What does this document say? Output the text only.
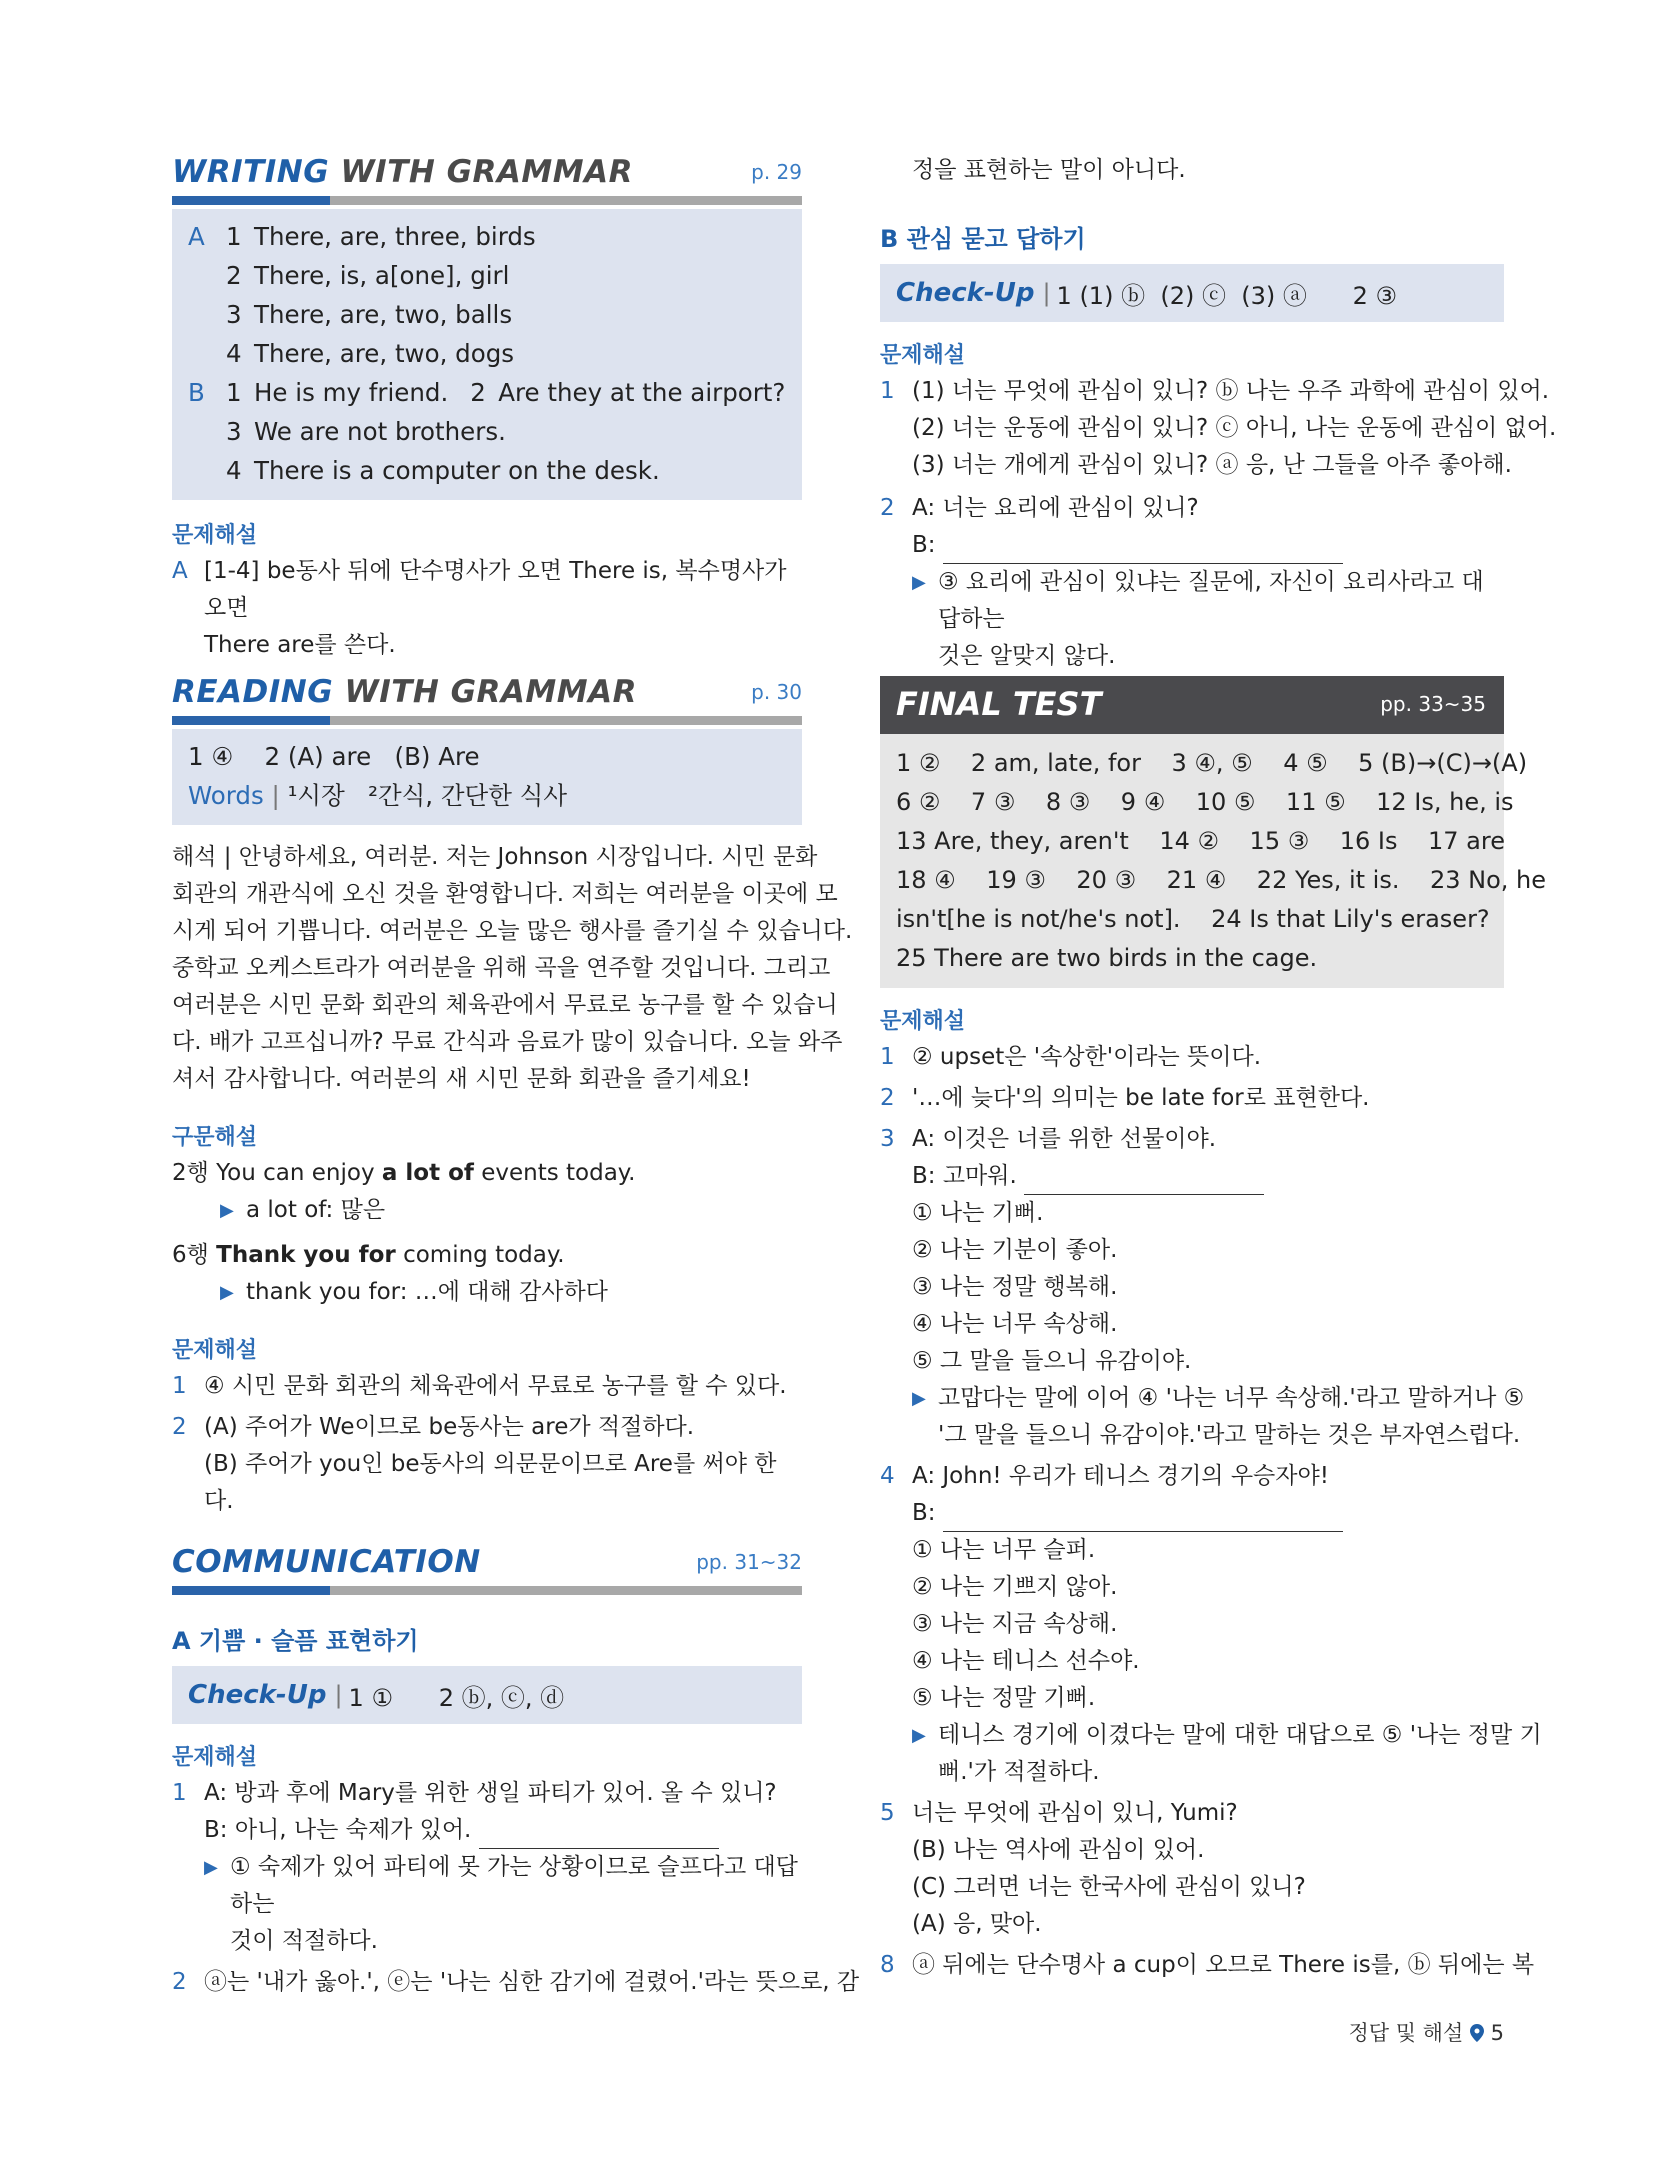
WRITING WITH GRAMMAR	p. 29
A 1 There, are, three, birds
2 There, is, a[one], girl
3 There, are, two, balls
4 There, are, two, dogs
B 1 He is my friend. 2 Are they at the airport?
3 We are not brothers.
4 There is a computer on the desk.
문제해설
A [1-4] be동사 뒤에 단수명사가 오면 There is, 복수명사가 오면
There are를 쓴다.
READING WITH GRAMMAR	p. 30
1 ④    2 (A) are   (B) Are
Words | ¹시장   ²간식, 간단한 식사
해석 | 안녕하세요, 여러분. 저는 Johnson 시장입니다. 시민 문화
회관의 개관식에 오신 것을 환영합니다. 저희는 여러분을 이곳에 모
시게 되어 기쁩니다. 여러분은 오늘 많은 행사를 즐기실 수 있습니다.
중학교 오케스트라가 여러분을 위해 곡을 연주할 것입니다. 그리고
여러분은 시민 문화 회관의 체육관에서 무료로 농구를 할 수 있습니
다. 배가 고프십니까? 무료 간식과 음료가 많이 있습니다. 오늘 와주
셔서 감사합니다. 여러분의 새 시민 문화 회관을 즐기세요!
구문해설
2행 You can enjoy a lot of events today.
▶ a lot of: 많은
6행 Thank you for coming today.
▶ thank you for: …에 대해 감사하다
문제해설
1 ④ 시민 문화 회관의 체육관에서 무료로 농구를 할 수 있다.
2 (A) 주어가 We이므로 be동사는 are가 적절하다.
(B) 주어가 you인 be동사의 의문문이므로 Are를 써야 한다.
COMMUNICATION	pp. 31~32
A 기쁨 · 슬픔 표현하기
Check-Up | 1 ①      2 ⓑ, ⓒ, ⓓ
문제해설
1 A: 방과 후에 Mary를 위한 생일 파티가 있어. 올 수 있니?
B: 아니, 나는 숙제가 있어.
▶ ① 숙제가 있어 파티에 못 가는 상황이므로 슬프다고 대답하는
것이 적절하다.
2 ⓐ는 '내가 옳아.', ⓔ는 '나는 심한 감기에 걸렸어.'라는 뜻으로, 감
정을 표현하는 말이 아니다.
B 관심 묻고 답하기
Check-Up | 1 (1) ⓑ  (2) ⓒ  (3) ⓐ      2 ③
문제해설
1 (1) 너는 무엇에 관심이 있니? ⓑ 나는 우주 과학에 관심이 있어.
(2) 너는 운동에 관심이 있니? ⓒ 아니, 나는 운동에 관심이 없어.
(3) 너는 개에게 관심이 있니? ⓐ 응, 난 그들을 아주 좋아해.
2 A: 너는 요리에 관심이 있니?
B:
▶ ③ 요리에 관심이 있냐는 질문에, 자신이 요리사라고 대답하는
것은 알맞지 않다.
FINAL TEST	pp. 33~35
1 ②    2 am, late, for    3 ④, ⑤    4 ⑤    5 (B)→(C)→(A)
6 ②    7 ③    8 ③    9 ④    10 ⑤    11 ⑤    12 Is, he, is
13 Are, they, aren't    14 ②    15 ③    16 Is    17 are
18 ④    19 ③    20 ③    21 ④    22 Yes, it is.    23 No, he
isn't[he is not/he's not].    24 Is that Lily's eraser?
25 There are two birds in the cage.
문제해설
1 ② upset은 '속상한'이라는 뜻이다.
2 '…에 늦다'의 의미는 be late for로 표현한다.
3 A: 이것은 너를 위한 선물이야.
B: 고마워.
① 나는 기뻐.
② 나는 기분이 좋아.
③ 나는 정말 행복해.
④ 나는 너무 속상해.
⑤ 그 말을 들으니 유감이야.
▶ 고맙다는 말에 이어 ④ '나는 너무 속상해.'라고 말하거나 ⑤
'그 말을 들으니 유감이야.'라고 말하는 것은 부자연스럽다.
4 A: John! 우리가 테니스 경기의 우승자야!
B:
① 나는 너무 슬퍼.
② 나는 기쁘지 않아.
③ 나는 지금 속상해.
④ 나는 테니스 선수야.
⑤ 나는 정말 기뻐.
▶ 테니스 경기에 이겼다는 말에 대한 대답으로 ⑤ '나는 정말 기
뻐.'가 적절하다.
5 너는 무엇에 관심이 있니, Yumi?
(B) 나는 역사에 관심이 있어.
(C) 그러면 너는 한국사에 관심이 있니?
(A) 응, 맞아.
8 ⓐ 뒤에는 단수명사 a cup이 오므로 There is를, ⓑ 뒤에는 복
정답 및 해설 5
